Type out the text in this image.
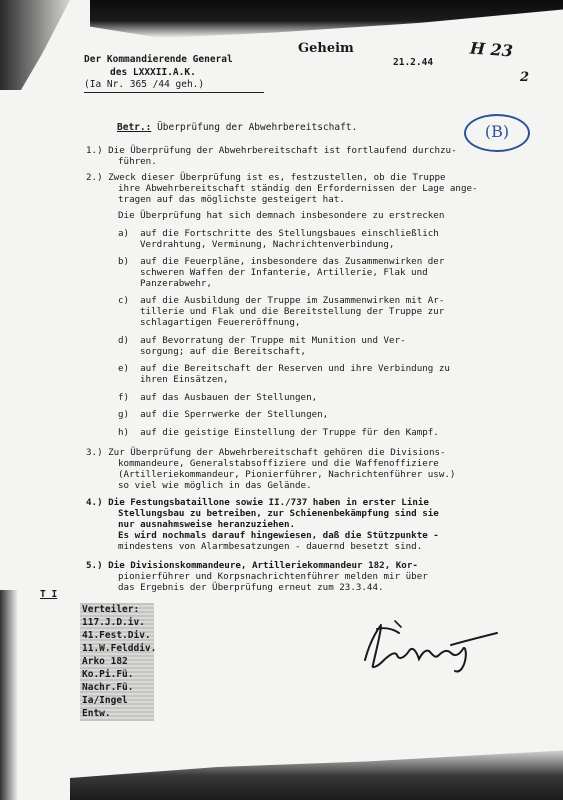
Der Kommandierende General
des LXXXII.A.K.
(Ia Nr. 365 /44 geh.)
Geheim
21.2.44
H 23
2
(B)
Betr.: Überprüfung der Abwehrbereitschaft.
1.) Die Überprüfung der Abwehrbereitschaft ist fortlaufend durchzu-
führen.
2.) Zweck dieser Überprüfung ist es, festzustellen, ob die Truppe
ihre Abwehrbereitschaft ständig den Erfordernissen der Lage ange-
tragen auf das möglichste gesteigert hat.
Die Überprüfung hat sich demnach insbesondere zu erstrecken
a)  auf die Fortschritte des Stellungsbaues einschließlich
Verdrahtung, Verminung, Nachrichtenverbindung,
b)  auf die Feuerpläne, insbesondere das Zusammenwirken der
schweren Waffen der Infanterie, Artillerie, Flak und
Panzerabwehr,
c)  auf die Ausbildung der Truppe im Zusammenwirken mit Ar-
tillerie und Flak und die Bereitstellung der Truppe zur
schlagartigen Feuereröffnung,
d)  auf Bevorratung der Truppe mit Munition und Ver-
sorgung; auf die Bereitschaft,
e)  auf die Bereitschaft der Reserven und ihre Verbindung zu
ihren Einsätzen,
f)  auf das Ausbauen der Stellungen,
g)  auf die Sperrwerke der Stellungen,
h)  auf die geistige Einstellung der Truppe für den Kampf.
3.) Zur Überprüfung der Abwehrbereitschaft gehören die Divisions-
kommandeure, Generalstabsoffiziere und die Waffenoffiziere
(Artilleriekommandeur, Pionierführer, Nachrichtenführer usw.)
so viel wie möglich in das Gelände.
4.) Die Festungsbataillone sowie II./737 haben in erster Linie
Stellungsbau zu betreiben, zur Schienenbekämpfung sind sie
nur ausnahmsweise heranzuziehen.
Es wird nochmals darauf hingewiesen, daß die Stützpunkte -
mindestens von Alarmbesatzungen - dauernd besetzt sind.
5.) Die Divisionskommandeure, Artilleriekommandeur 182, Kor-
pionierführer und Korpsnachrichtenführer melden mir über
das Ergebnis der Überprüfung erneut zum 23.3.44.
T I
Verteiler:
117.J.D.iv.
41.Fest.Div.
11.W.Felddiv.
Arko 182
Ko.Pi.Fü.
Nachr.Fü.
Ia/Ingel
Entw.
